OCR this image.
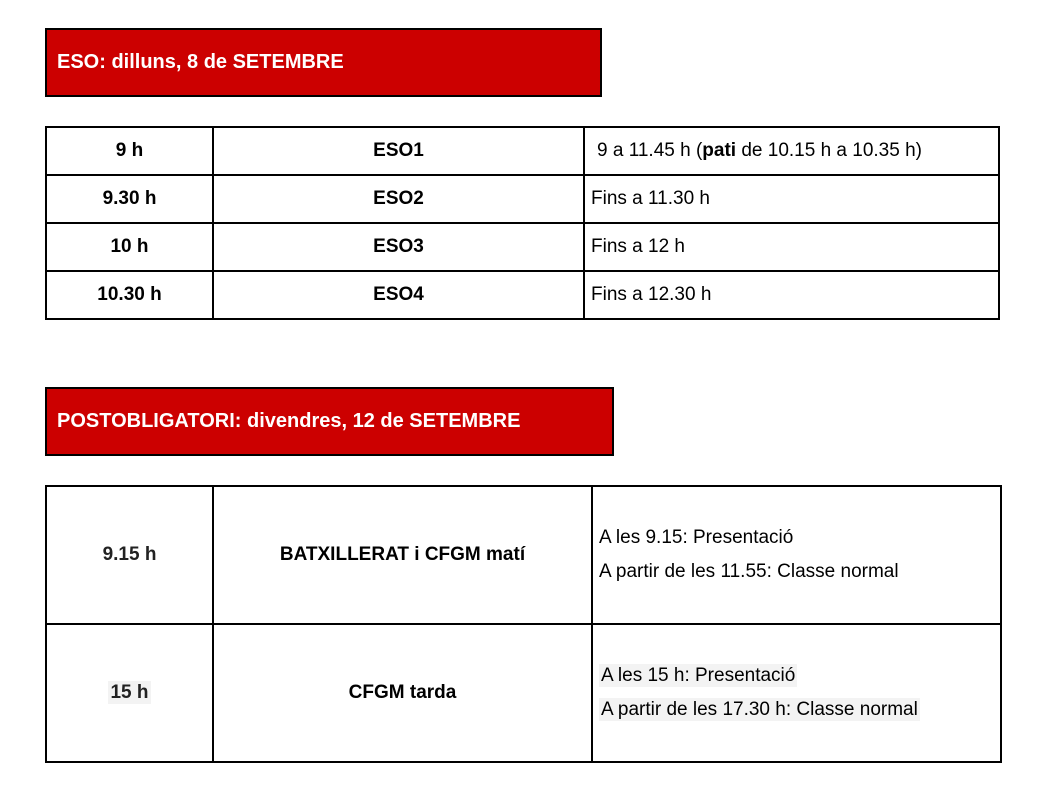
ESO: dilluns, 8 de SETEMBRE
9 h	ESO1	9 a 11.45 h (pati de 10.15 h a 10.35 h)
9.30 h	ESO2	Fins a 11.30 h
10 h	ESO3	Fins a 12 h
10.30 h	ESO4	Fins a 12.30 h
POSTOBLIGATORI: divendres, 12 de SETEMBRE
9.15 h	BATXILLERAT i CFGM matí	A les 9.15: Presentació
A partir de les 11.55: Classe normal

15 h	CFGM tarda	A les 15 h: Presentació
A partir de les 17.30 h: Classe normal
